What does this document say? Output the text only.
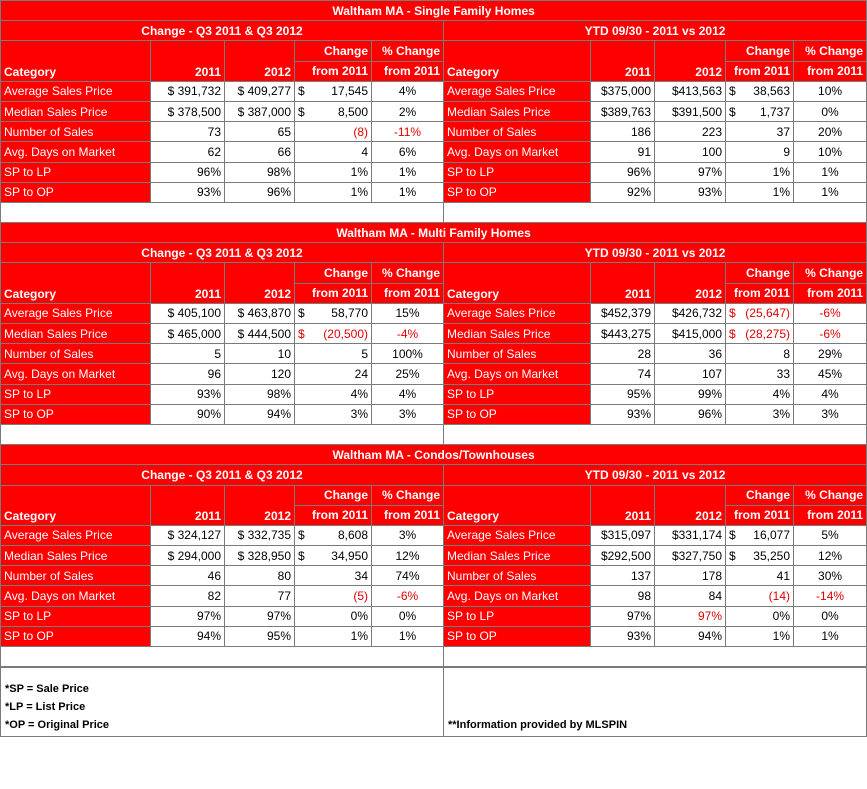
Waltham MA - Single Family Homes									
Change - Q3 2011 & Q3 2012					YTD 09/30 - 2011 vs 2012				
Category	2011	2012	Change	% Change	Category	2011	2012	Change	% Change
			from 2011	from 2011				from 2011	from 2011
Average Sales Price	$ 391,732	$ 409,277	$ 17,545	4%	Average Sales Price	$375,000	$413,563	$ 38,563	10%
Median Sales Price	$ 378,500	$ 387,000	$ 8,500	2%	Median Sales Price	$389,763	$391,500	$ 1,737	0%
Number of Sales	73	65	(8)	-11%	Number of Sales	186	223	37	20%
Avg. Days on Market	62	66	4	6%	Avg. Days on Market	91	100	9	10%
SP to LP	96%	98%	1%	1%	SP to LP	96%	97%	1%	1%
SP to OP	93%	96%	1%	1%	SP to OP	92%	93%	1%	1%

Waltham MA - Multi Family Homes									
Change - Q3 2011 & Q3 2012					YTD 09/30 - 2011 vs 2012				
Category	2011	2012	Change	% Change	Category	2011	2012	Change	% Change
			from 2011	from 2011				from 2011	from 2011
Average Sales Price	$ 405,100	$ 463,870	$ 58,770	15%	Average Sales Price	$452,379	$426,732	$ (25,647)	-6%
Median Sales Price	$ 465,000	$ 444,500	$ (20,500)	-4%	Median Sales Price	$443,275	$415,000	$ (28,275)	-6%
Number of Sales	5	10	5	100%	Number of Sales	28	36	8	29%
Avg. Days on Market	96	120	24	25%	Avg. Days on Market	74	107	33	45%
SP to LP	93%	98%	4%	4%	SP to LP	95%	99%	4%	4%
SP to OP	90%	94%	3%	3%	SP to OP	93%	96%	3%	3%

Waltham MA - Condos/Townhouses									
Change - Q3 2011 & Q3 2012					YTD 09/30 - 2011 vs 2012				
Category	2011	2012	Change	% Change	Category	2011	2012	Change	% Change
			from 2011	from 2011				from 2011	from 2011
Average Sales Price	$ 324,127	$ 332,735	$ 8,608	3%	Average Sales Price	$315,097	$331,174	$ 16,077	5%
Median Sales Price	$ 294,000	$ 328,950	$ 34,950	12%	Median Sales Price	$292,500	$327,750	$ 35,250	12%
Number of Sales	46	80	34	74%	Number of Sales	137	178	41	30%
Avg. Days on Market	82	77	(5)	-6%	Avg. Days on Market	98	84	(14)	-14%
SP to LP	97%	97%	0%	0%	SP to LP	97%	97%	0%	0%
SP to OP	94%	95%	1%	1%	SP to OP	93%	94%	1%	1%

*SP = Sale Price
*LP = List Price
*OP = Original Price	**Information provided by MLSPIN
